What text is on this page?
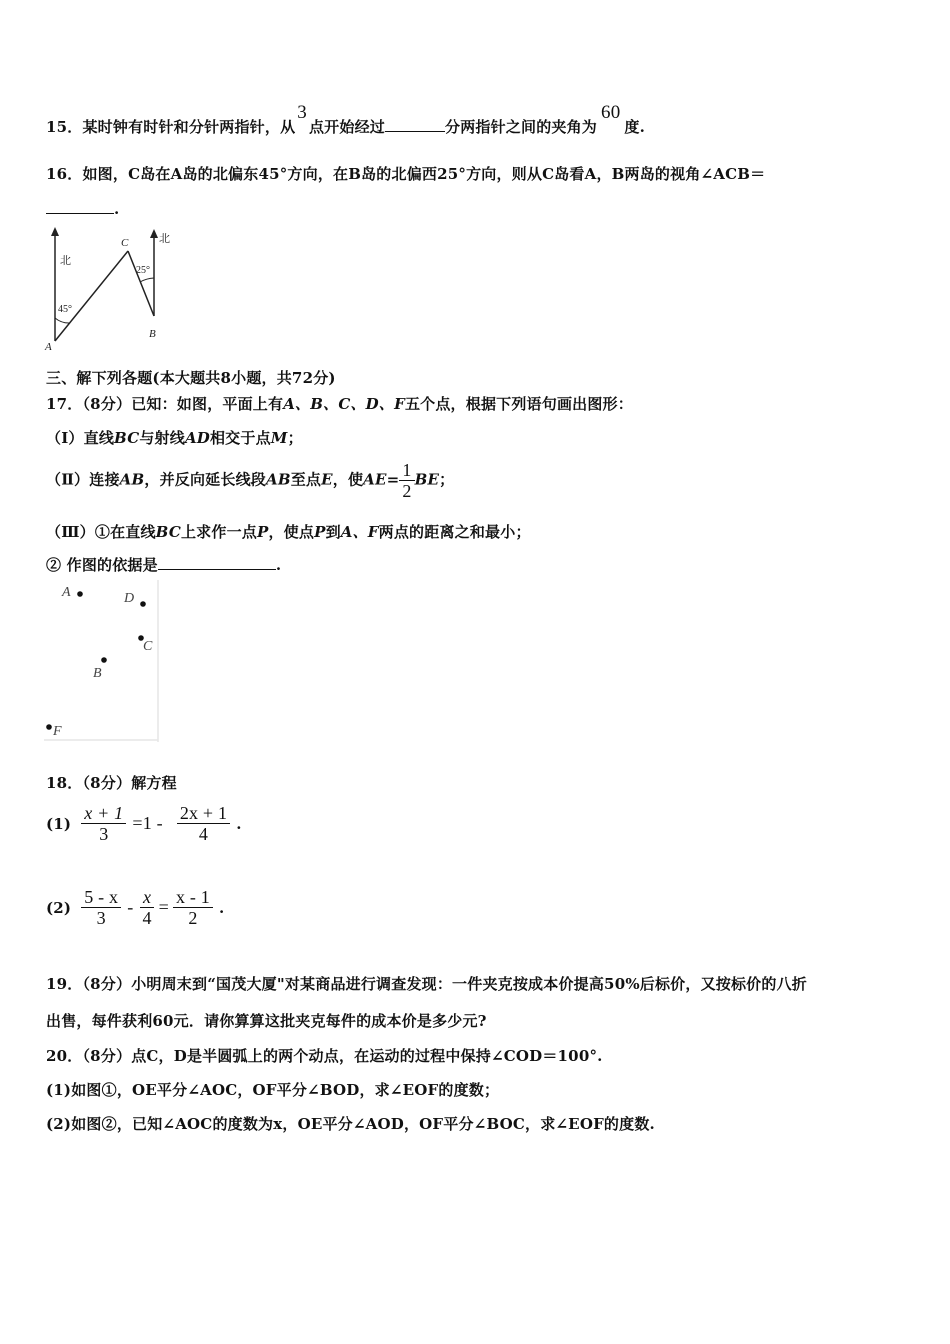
15．某时钟有时针和分针两指针，从3点开始经过	分两指针之间的夹角为60度.
16．如图，C岛在A岛的北偏东45°方向，在B岛的北偏西25°方向，则从C岛看A，B两岛的视角∠ACB＝
.
北
北
45°
25°
A
B
C
三、解下列各题(本大题共8小题，共72分)
17．（8分）已知：如图，平面上有A、B、C、D、F五个点，根据下列语句画出图形：
（Ⅰ）直线BC与射线AD相交于点M；
（Ⅱ）连接AB，并反向延长线段AB至点E，使$AE= \frac{1}{2}$ BE；
（Ⅲ）①在直线BC上求作一点P，使点P到A、F两点的距离之和最小；
② 作图的依据是	.
A	D
C
B
F
18．（8分）解方程
$(1) \frac{x + 1}{3} =1 - \frac{2x + 1}{4}$ .
$(2) \frac{5 - x}{3} - \frac{x}{4} = \frac{x - 1}{2}$ .
19．（8分）小明周末到“国茂大厦"对某商品进行调查发现：一件夹克按成本价提高50%后标价，又按标价的八折
出售，每件获利60元．请你算算这批夹克每件的成本价是多少元?
20．（8分）点C，D是半圆弧上的两个动点，在运动的过程中保持∠COD＝100°.
(1)如图①，OE平分∠AOC，OF平分∠BOD，求∠EOF的度数；
(2)如图②，已知∠AOC的度数为x，OE平分∠AOD，OF平分∠BOC，求∠EOF的度数.
